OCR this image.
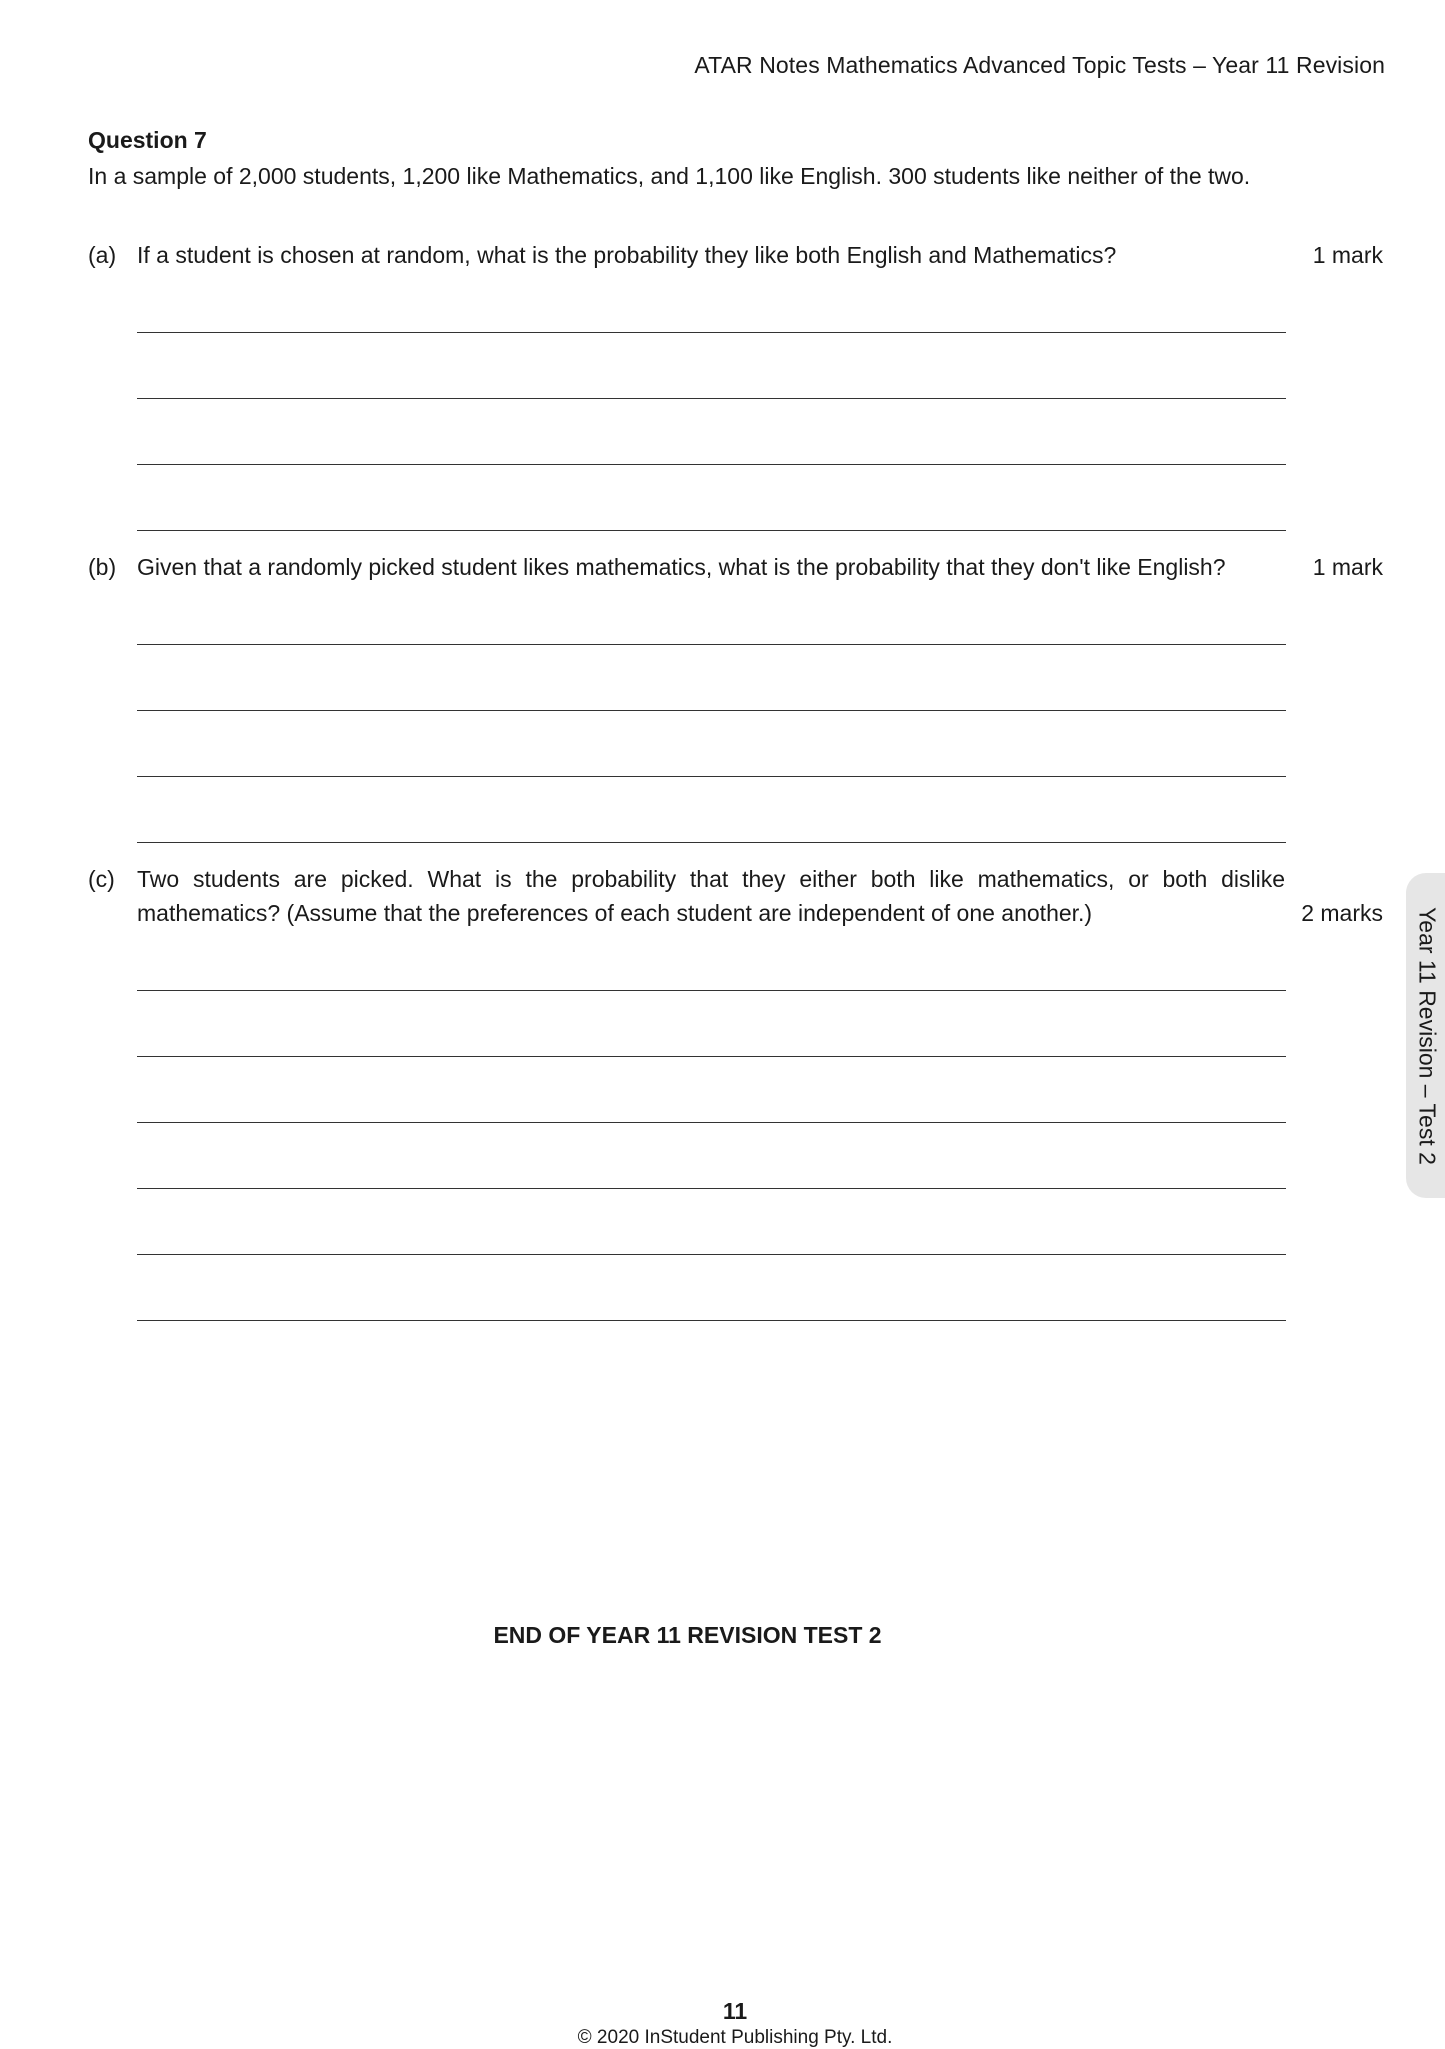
ATAR Notes Mathematics Advanced Topic Tests – Year 11 Revision
Question 7
In a sample of 2,000 students, 1,200 like Mathematics, and 1,100 like English. 300 students like neither of the two.
(a) If a student is chosen at random, what is the probability they like both English and Mathematics?	1 mark
(b) Given that a randomly picked student likes mathematics, what is the probability that they don't like English?	1 mark
(c) Two students are picked. What is the probability that they either both like mathematics, or both dislike mathematics? (Assume that the preferences of each student are independent of one another.)	2 marks
END OF YEAR 11 REVISION TEST 2
11
© 2020 InStudent Publishing Pty. Ltd.
Year 11 Revision – Test 2
